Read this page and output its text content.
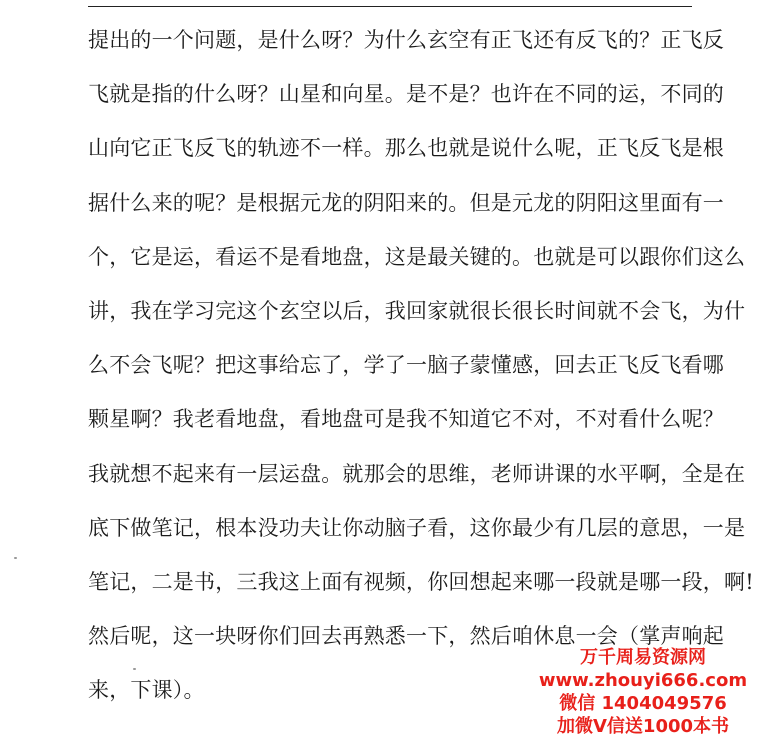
提出的一个问题，是什么呀？为什么玄空有正飞还有反飞的？正飞反
飞就是指的什么呀？山星和向星。是不是？也许在不同的运，不同的
山向它正飞反飞的轨迹不一样。那么也就是说什么呢，正飞反飞是根
据什么来的呢？是根据元龙的阴阳来的。但是元龙的阴阳这里面有一
个，它是运，看运不是看地盘，这是最关键的。也就是可以跟你们这么
讲，我在学习完这个玄空以后，我回家就很长很长时间就不会飞，为什
么不会飞呢？把这事给忘了，学了一脑子蒙懂感，回去正飞反飞看哪
颗星啊？我老看地盘，看地盘可是我不知道它不对，不对看什么呢？
我就想不起来有一层运盘。就那会的思维，老师讲课的水平啊，全是在
底下做笔记，根本没功夫让你动脑子看，这你最少有几层的意思，一是
笔记，二是书，三我这上面有视频，你回想起来哪一段就是哪一段，啊!
然后呢，这一块呀你们回去再熟悉一下，然后咱休息一会（掌声响起
来，下课）。
万千周易资源网
www.zhouyi666.com
微信 1404049576
加微V信送1000本书
